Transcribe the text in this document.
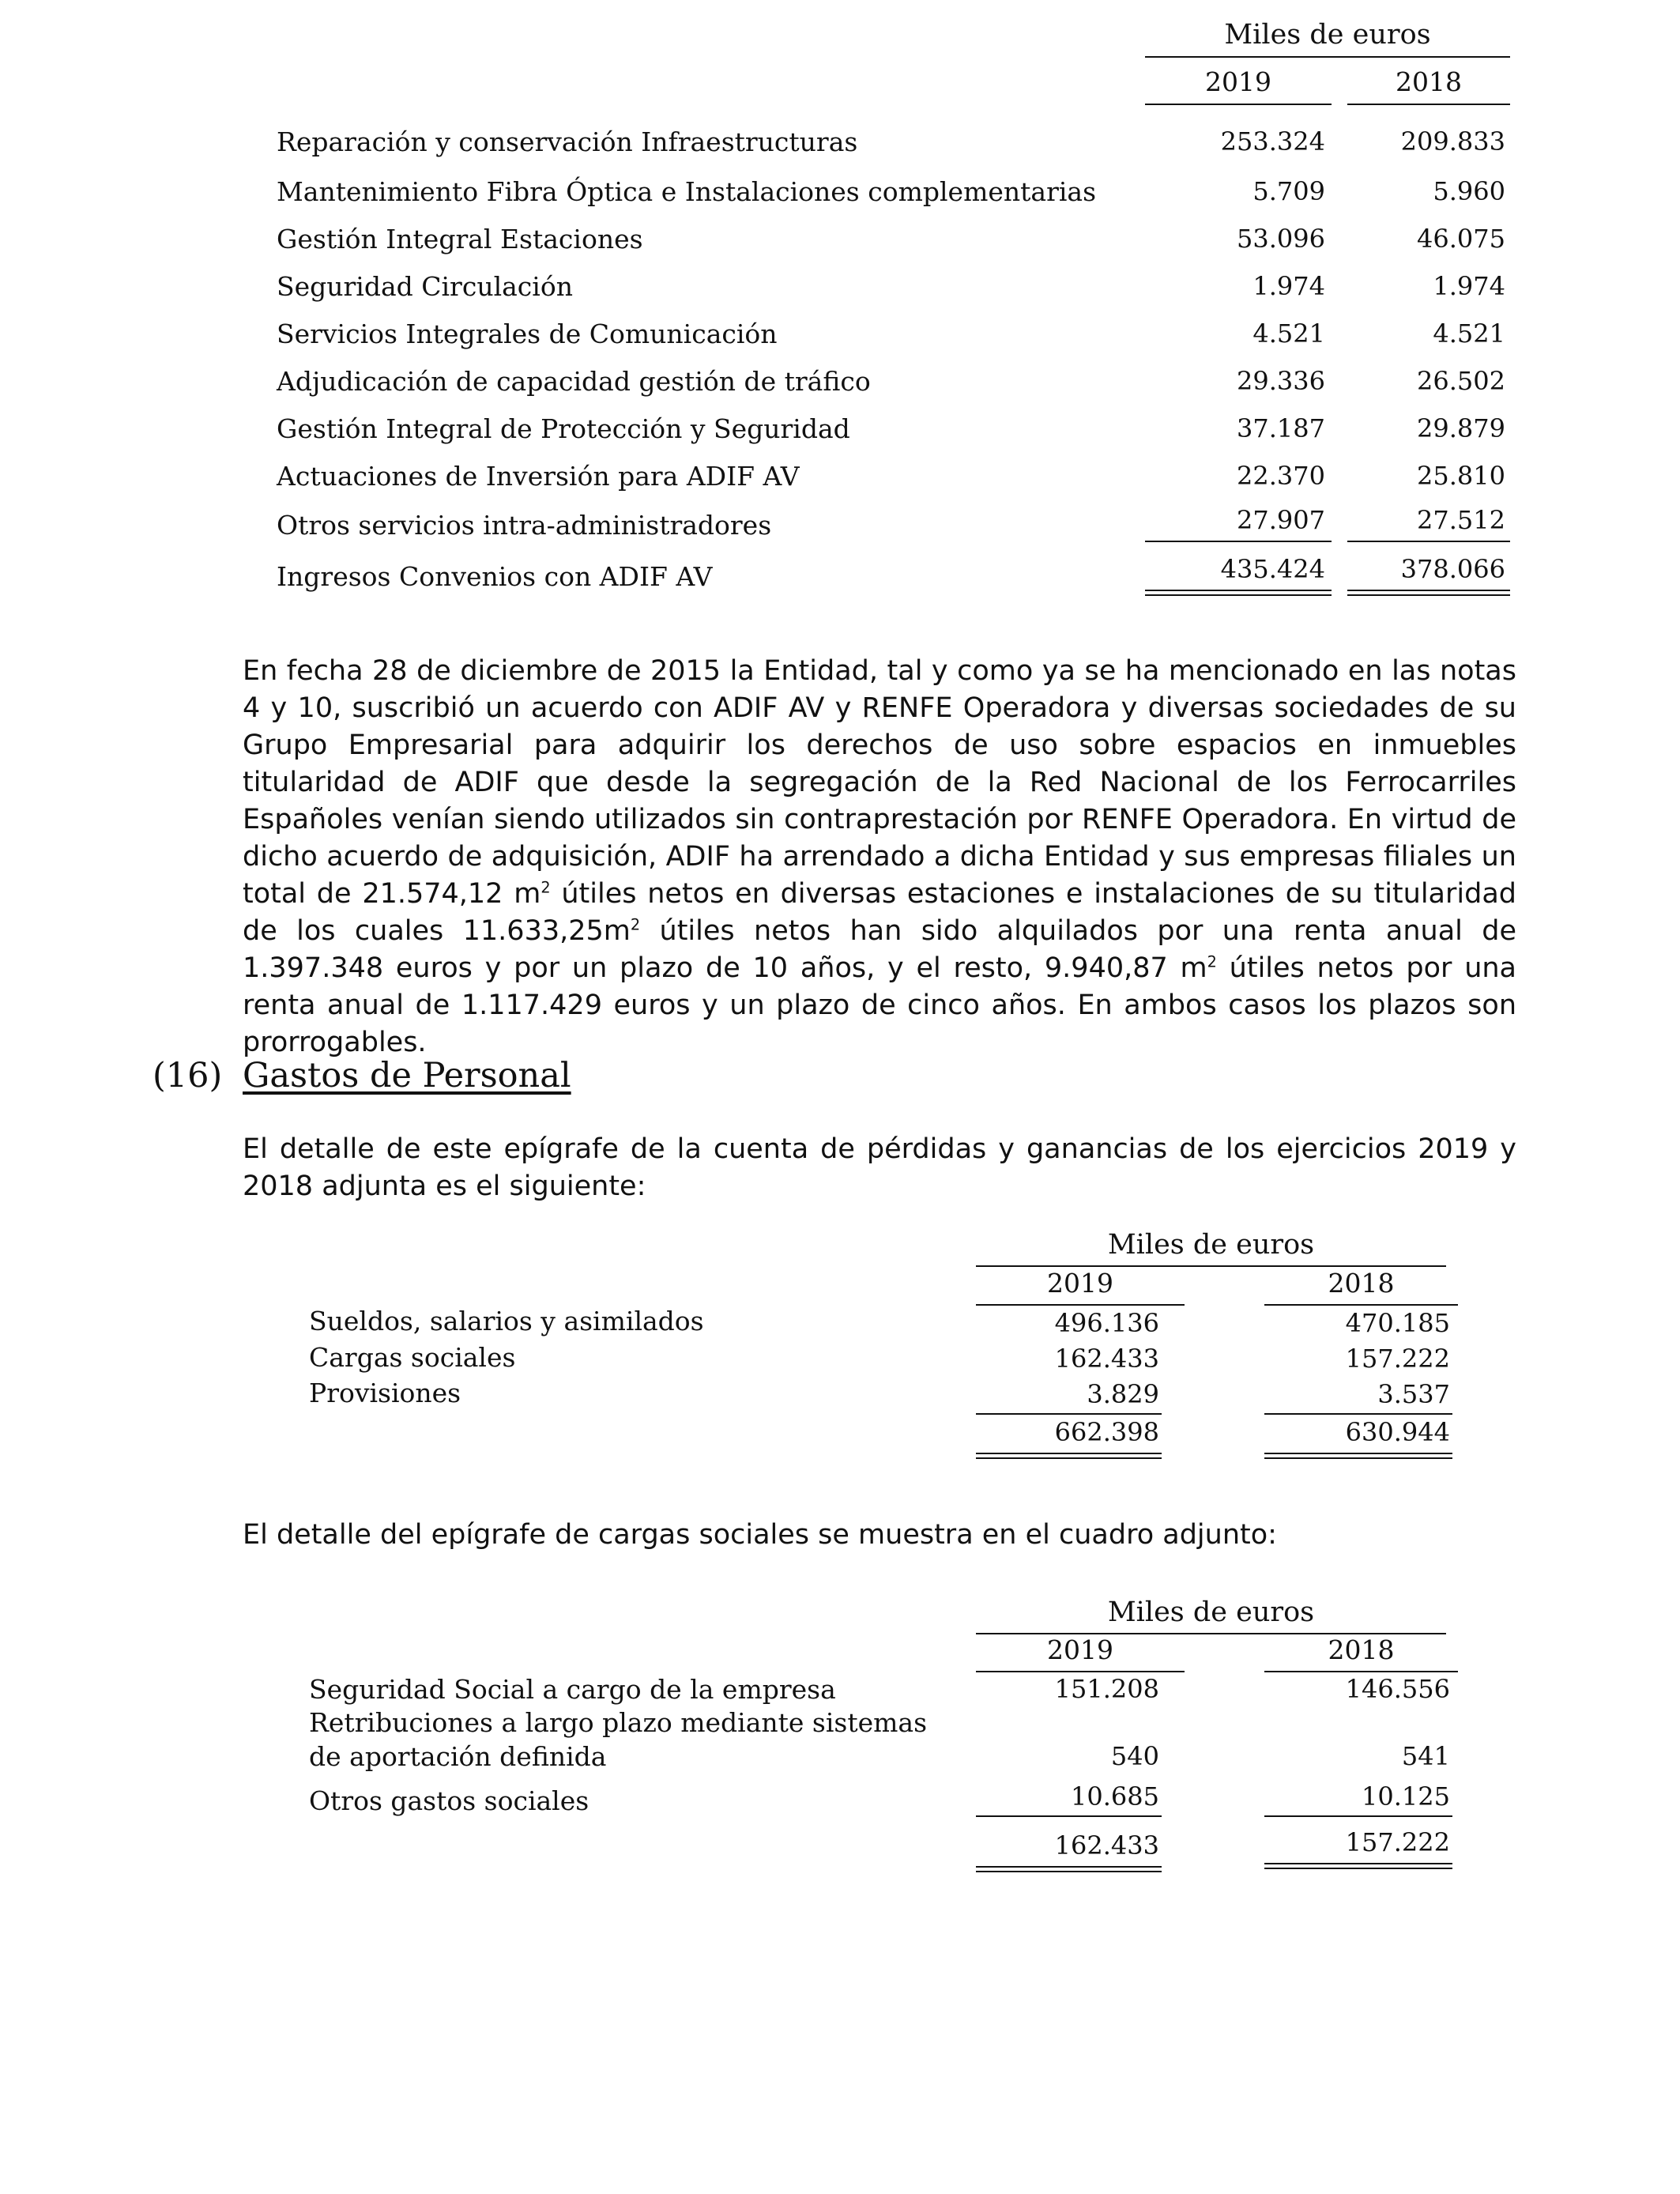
Miles de euros
2019	2018
Reparación y conservación Infraestructuras	253.324	209.833
Mantenimiento Fibra Óptica e Instalaciones complementarias	5.709	5.960
Gestión Integral Estaciones	53.096	46.075
Seguridad Circulación	1.974	1.974
Servicios Integrales de Comunicación	4.521	4.521
Adjudicación de capacidad gestión de tráfico	29.336	26.502
Gestión Integral de Protección y Seguridad	37.187	29.879
Actuaciones de Inversión para ADIF AV	22.370	25.810
Otros servicios intra-administradores	27.907	27.512
Ingresos Convenios con ADIF AV	435.424	378.066

En fecha 28 de diciembre de 2015 la Entidad, tal y como ya se ha mencionado en las notas 4 y 10, suscribió un acuerdo con ADIF AV y RENFE Operadora y diversas sociedades de su Grupo Empresarial para adquirir los derechos de uso sobre espacios en inmuebles titularidad de ADIF que desde la segregación de la Red Nacional de los Ferrocarriles Españoles venían siendo utilizados sin contraprestación por RENFE Operadora. En virtud de dicho acuerdo de adquisición, ADIF ha arrendado a dicha Entidad y sus empresas filiales un total de 21.574,12 $m^2$ útiles netos en diversas estaciones e instalaciones de su titularidad de los cuales $11.633,25m^2$ útiles netos han sido alquilados por una renta anual de 1.397.348 euros y por un plazo de 10 años, y el resto, 9.940,87 $m^2$ útiles netos por una renta anual de 1.117.429 euros y un plazo de cinco años. En ambos casos los plazos son prorrogables.

(16) Gastos de Personal

El detalle de este epígrafe de la cuenta de pérdidas y ganancias de los ejercicios 2019 y 2018 adjunta es el siguiente:

Miles de euros
2019	2018
Sueldos, salarios y asimilados	496.136	470.185
Cargas sociales	162.433	157.222
Provisiones	3.829	3.537
662.398	630.944
El detalle del epígrafe de cargas sociales se muestra en el cuadro adjunto:
Miles de euros
2019	2018
Seguridad Social a cargo de la empresa	151.208	146.556
Retribuciones a largo plazo mediante sistemas
de aportación definida	540	541
Otros gastos sociales	10.685	10.125
162.433	157.222
